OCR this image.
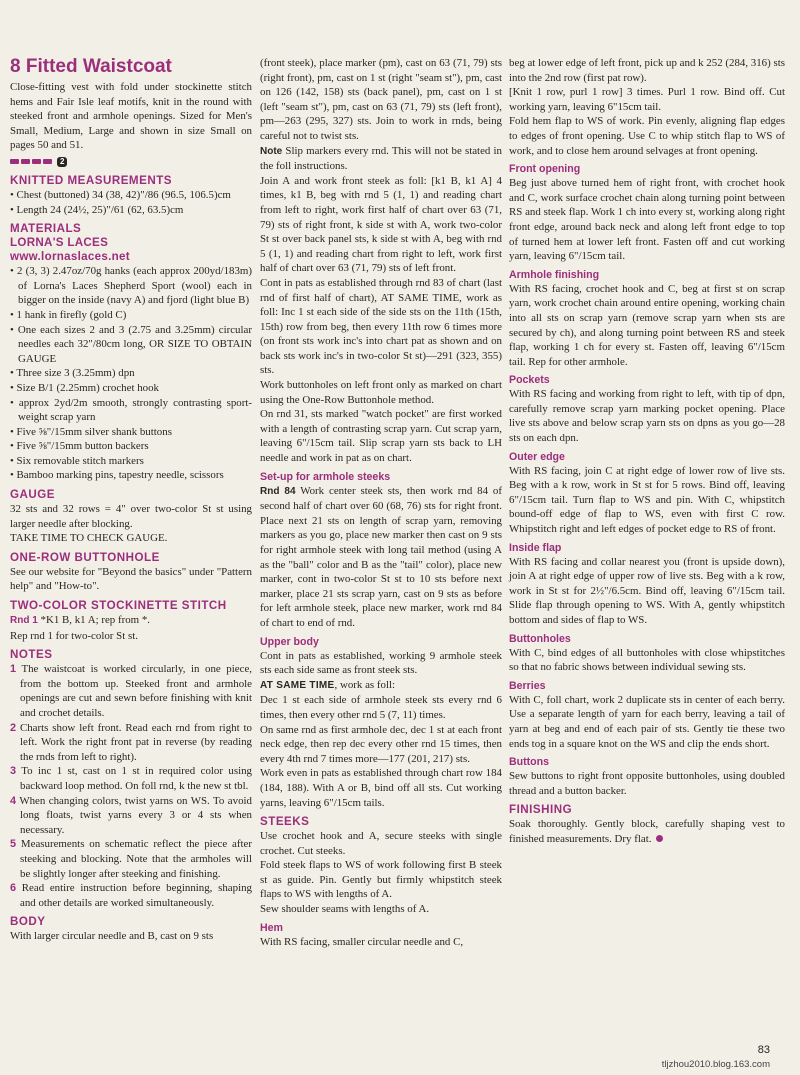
8 Fitted Waistcoat

Close-fitting vest with fold under stockinette stitch hems and Fair Isle leaf motifs, knit in the round with steeked front and armhole openings. Sized for Men's Small, Medium, Large and shown in size Small on pages 50 and 51.

2
KNITTED MEASUREMENTS

• Chest (buttoned) 34 (38, 42)"/86 (96.5, 106.5)cm

• Length 24 (24½, 25)"/61 (62, 63.5)cm

MATERIALS
LORNA'S LACES
www.lornaslaces.net

• 2 (3, 3) 2.47oz/70g hanks (each approx 200yd/183m) of Lorna's Laces Shepherd Sport (wool) each in bigger on the inside (navy A) and fjord (light blue B)

• 1 hank in firefly (gold C)

• One each sizes 2 and 3 (2.75 and 3.25mm) circular needles each 32"/80cm long, OR SIZE TO OBTAIN GAUGE

• Three size 3 (3.25mm) dpn

• Size B/1 (2.25mm) crochet hook

• approx 2yd/2m smooth, strongly contrasting sport-weight scrap yarn

• Five ⅝"/15mm silver shank buttons

• Five ⅝"/15mm button backers

• Six removable stitch markers

• Bamboo marking pins, tapestry needle, scissors

GAUGE

32 sts and 32 rows = 4" over two-color St st using larger needle after blocking.

TAKE TIME TO CHECK GAUGE.

ONE-ROW BUTTONHOLE

See our website for "Beyond the basics" under "Pattern help" and "How-to".

TWO-COLOR STOCKINETTE STITCH

Rnd 1 *K1 B, k1 A; rep from *.

Rep rnd 1 for two-color St st.

NOTES

1 The waistcoat is worked circularly, in one piece, from the bottom up. Steeked front and armhole openings are cut and sewn before finishing with knit and crochet details.

2 Charts show left front. Read each rnd from right to left. Work the right front pat in reverse (by reading the rnds from left to right).

3 To inc 1 st, cast on 1 st in required color using backward loop method. On foll rnd, k the new st tbl.

4 When changing colors, twist yarns on WS. To avoid long floats, twist yarns every 3 or 4 sts when necessary.

5 Measurements on schematic reflect the piece after steeking and blocking. Note that the armholes will be slightly longer after steeking and finishing.

6 Read entire instruction before beginning, shaping and other details are worked simultaneously.

BODY

With larger circular needle and B, cast on 9 sts

(front steek), place marker (pm), cast on 63 (71, 79) sts (right front), pm, cast on 1 st (right "seam st"), pm, cast on 126 (142, 158) sts (back panel), pm, cast on 1 st (left "seam st"), pm, cast on 63 (71, 79) sts (left front), pm—263 (295, 327) sts. Join to work in rnds, being careful not to twist sts.

Note Slip markers every rnd. This will not be stated in the foll instructions.

Join A and work front steek as foll: [k1 B, k1 A] 4 times, k1 B, beg with rnd 5 (1, 1) and reading chart from left to right, work first half of chart over 63 (71, 79) sts of right front, k side st with A, work two-color St st over back panel sts, k side st with A, beg with rnd 5 (1, 1) and reading chart from right to left, work first half of chart over 63 (71, 79) sts of left front.

Cont in pats as established through rnd 83 of chart (last rnd of first half of chart), AT SAME TIME, work as foll: Inc 1 st each side of the side sts on the 11th (15th, 15th) row from beg, then every 11th row 6 times more (on front sts work inc's into chart pat as shown and on back sts work inc's in two-color St st)—291 (323, 355) sts.

Work buttonholes on left front only as marked on chart using the One-Row Buttonhole method.

On rnd 31, sts marked "watch pocket" are first worked with a length of contrasting scrap yarn. Cut scrap yarn, leaving 6"/15cm tail. Slip scrap yarn sts back to LH needle and work in pat as on chart.

Set-up for armhole steeks

Rnd 84 Work center steek sts, then work rnd 84 of second half of chart over 60 (68, 76) sts for right front. Place next 21 sts on length of scrap yarn, removing markers as you go, place new marker then cast on 9 sts for right armhole steek with long tail method (using A as the "ball" color and B as the "tail" color), place new marker, cont in two-color St st to 10 sts before next marker, place 21 sts scrap yarn, cast on 9 sts as before for left armhole steek, place new marker, work rnd 84 of chart to end of rnd.

Upper body

Cont in pats as established, working 9 armhole steek sts each side same as front steek sts.

AT SAME TIME, work as foll:

Dec 1 st each side of armhole steek sts every rnd 6 times, then every other rnd 5 (7, 11) times.

On same rnd as first armhole dec, dec 1 st at each front neck edge, then rep dec every other rnd 15 times, then every 4th rnd 7 times more—177 (201, 217) sts.

Work even in pats as established through chart row 184 (184, 188). With A or B, bind off all sts. Cut working yarns, leaving 6"/15cm tails.

STEEKS

Use crochet hook and A, secure steeks with single crochet. Cut steeks.

Fold steek flaps to WS of work following first B steek st as guide. Pin. Gently but firmly whipstitch steek flaps to WS with lengths of A.

Sew shoulder seams with lengths of A.

Hem

With RS facing, smaller circular needle and C,

beg at lower edge of left front, pick up and k 252 (284, 316) sts into the 2nd row (first pat row).

[Knit 1 row, purl 1 row] 3 times. Purl 1 row. Bind off. Cut working yarn, leaving 6"15cm tail.

Fold hem flap to WS of work. Pin evenly, aligning flap edges to edges of front opening. Use C to whip stitch flap to WS of work, and to close hem around selvages at front opening.

Front opening

Beg just above turned hem of right front, with crochet hook and C, work surface crochet chain along turning point between RS and steek flap. Work 1 ch into every st, working along right front edge, around back neck and along left front edge to top of turned hem at lower left front. Fasten off and cut working yarn, leaving 6"/15cm tail.

Armhole finishing

With RS facing, crochet hook and C, beg at first st on scrap yarn, work crochet chain around entire opening, working chain into all sts on scrap yarn (remove scrap yarn when sts are secured by ch), and along turning point between RS and steek flap, working 1 ch for every st. Fasten off, leaving 6"/15cm tail. Rep for other armhole.

Pockets

With RS facing and working from right to left, with tip of dpn, carefully remove scrap yarn marking pocket opening. Place live sts above and below scrap yarn sts on dpns as you go—28 sts on each dpn.

Outer edge

With RS facing, join C at right edge of lower row of live sts. Beg with a k row, work in St st for 5 rows. Bind off, leaving 6"/15cm tail. Turn flap to WS and pin. With C, whipstitch bound-off edge of flap to WS, even with first C row. Whipstitch right and left edges of pocket edge to RS of front.

Inside flap

With RS facing and collar nearest you (front is upside down), join A at right edge of upper row of live sts. Beg with a k row, work in St st for 2½"/6.5cm. Bind off, leaving 6"/15cm tail. Slide flap through opening to WS. With A, gently whipstitch bottom and sides of flap to WS.

Buttonholes

With C, bind edges of all buttonholes with close whipstitches so that no fabric shows between individual sewing sts.

Berries

With C, foll chart, work 2 duplicate sts in center of each berry. Use a separate length of yarn for each berry, leaving a tail of yarn at beg and end of each pair of sts. Gently tie these two ends tog in a square knot on the WS and clip the ends short.

Buttons

Sew buttons to right front opposite buttonholes, using doubled thread and a button backer.

FINISHING

Soak thoroughly. Gently block, carefully shaping vest to finished measurements. Dry flat.

83
tljzhou2010.blog.163.com
